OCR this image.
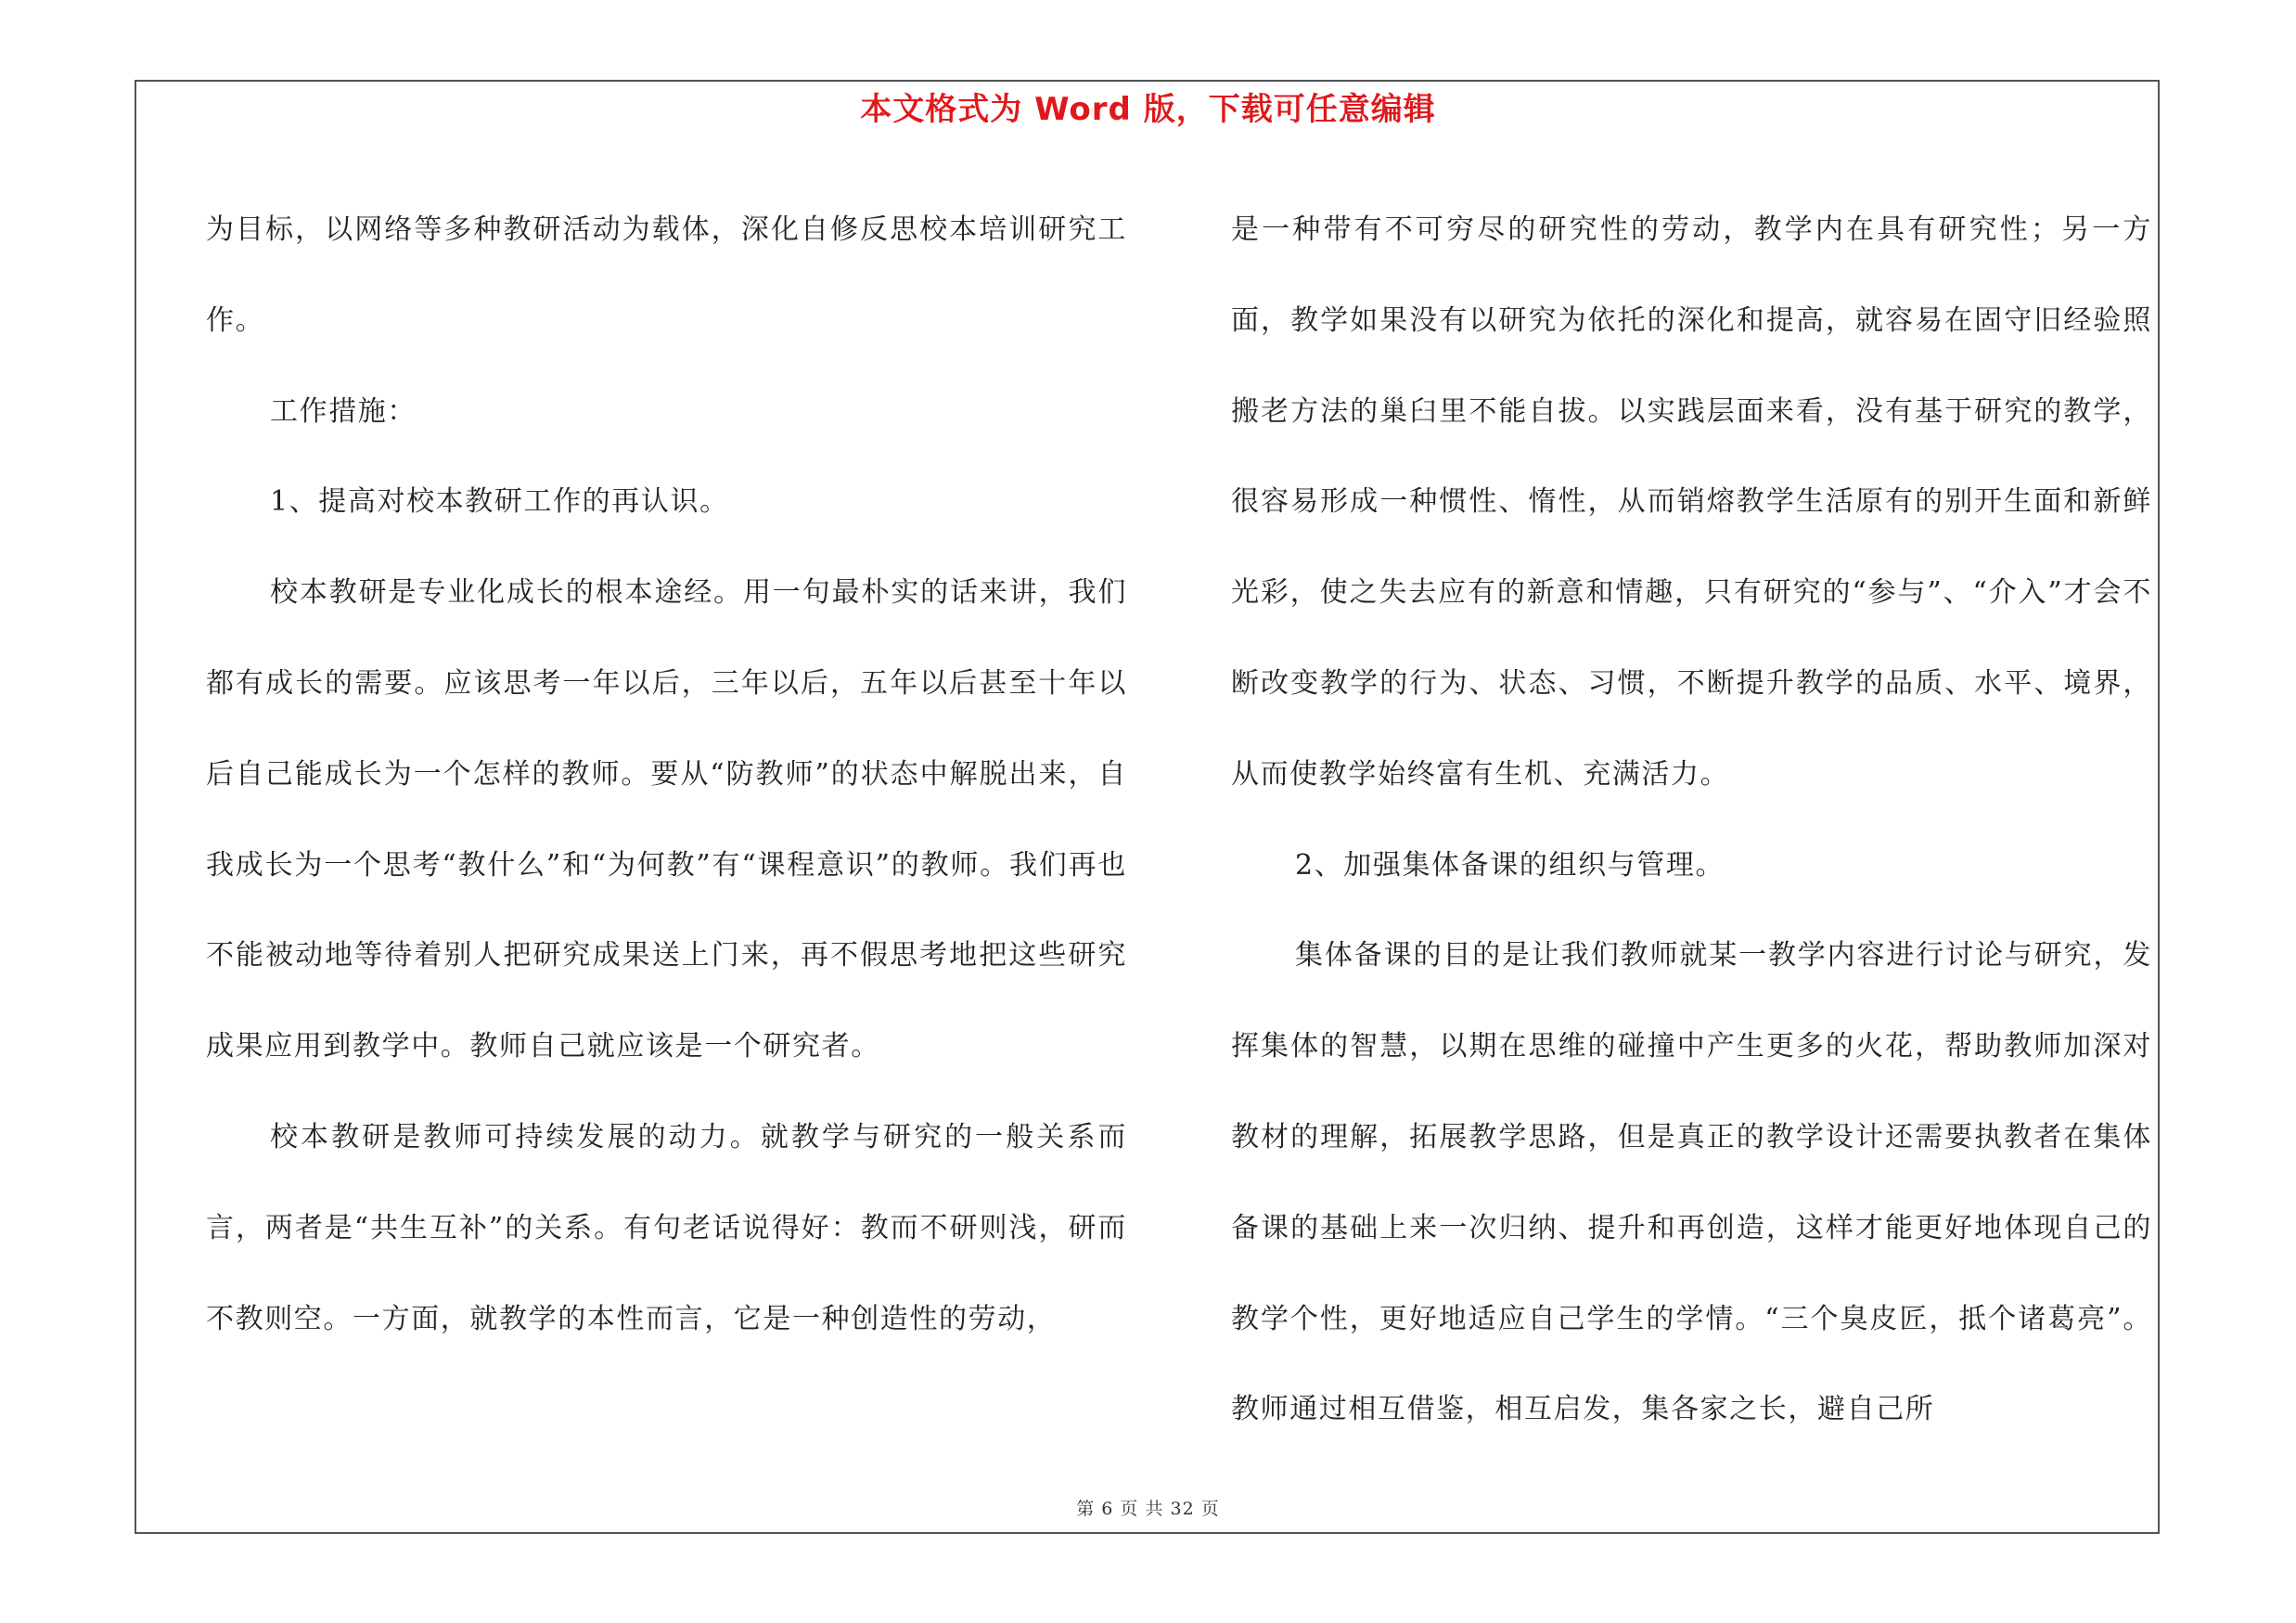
本文格式为 Word 版，下载可任意编辑

为目标，以网络等多种教研活动为载体，深化自修反思校本培训研究工作。

工作措施：

1、提高对校本教研工作的再认识。

校本教研是专业化成长的根本途经。用一句最朴实的话来讲，我们都有成长的需要。应该思考一年以后，三年以后，五年以后甚至十年以后自己能成长为一个怎样的教师。要从“防教师”的状态中解脱出来，自我成长为一个思考“教什么”和“为何教”有“课程意识”的教师。我们再也不能被动地等待着别人把研究成果送上门来，再不假思考地把这些研究成果应用到教学中。教师自己就应该是一个研究者。

校本教研是教师可持续发展的动力。就教学与研究的一般关系而言，两者是“共生互补”的关系。有句老话说得好：教而不研则浅，研而不教则空。一方面，就教学的本性而言，它是一种创造性的劳动，

是一种带有不可穷尽的研究性的劳动，教学内在具有研究性；另一方面，教学如果没有以研究为依托的深化和提高，就容易在固守旧经验照搬老方法的巢臼里不能自拔。以实践层面来看，没有基于研究的教学，很容易形成一种惯性、惰性，从而销熔教学生活原有的别开生面和新鲜光彩，使之失去应有的新意和情趣，只有研究的“参与”、“介入”才会不断改变教学的行为、状态、习惯，不断提升教学的品质、水平、境界，从而使教学始终富有生机、充满活力。

2、加强集体备课的组织与管理。

集体备课的目的是让我们教师就某一教学内容进行讨论与研究，发挥集体的智慧，以期在思维的碰撞中产生更多的火花，帮助教师加深对教材的理解，拓展教学思路，但是真正的教学设计还需要执教者在集体备课的基础上来一次归纳、提升和再创造，这样才能更好地体现自己的教学个性，更好地适应自己学生的学情。“三个臭皮匠，抵个诸葛亮”。教师通过相互借鉴，相互启发，集各家之长，避自己所

第 6 页 共 32 页
